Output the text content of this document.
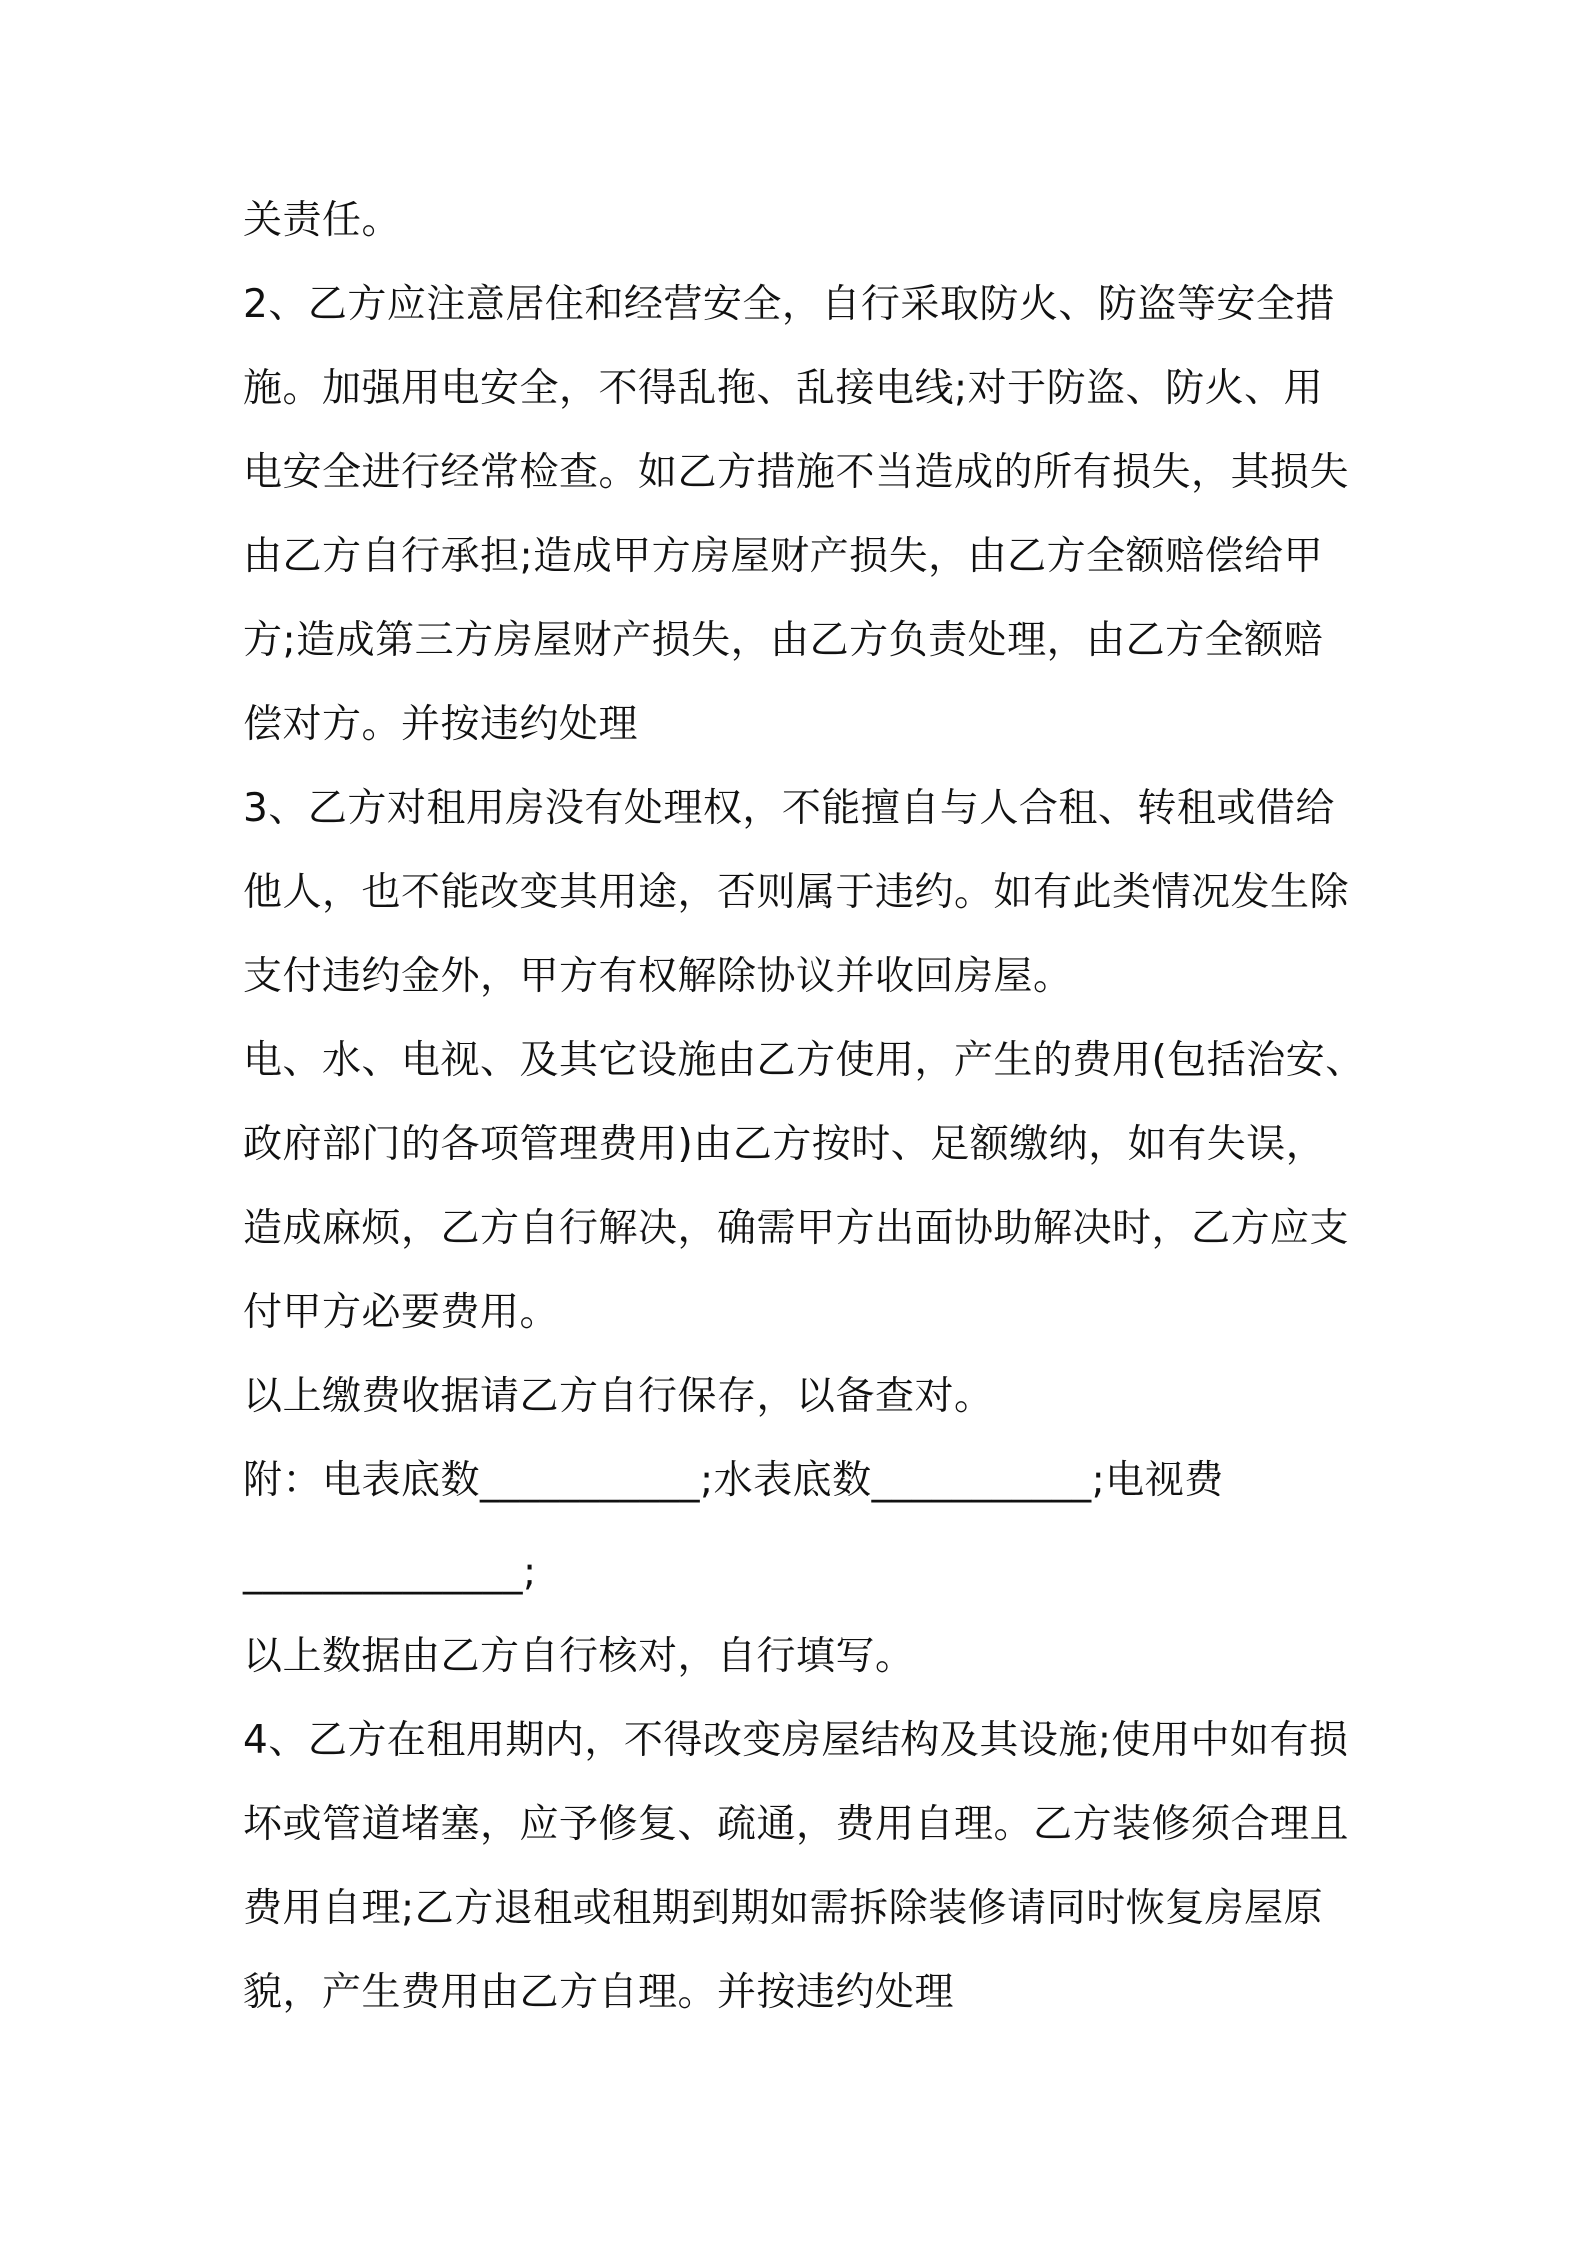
关责任。
2、乙方应注意居住和经营安全，自行采取防火、防盗等安全措
施。加强用电安全，不得乱拖、乱接电线;对于防盗、防火、用
电安全进行经常检查。如乙方措施不当造成的所有损失，其损失
由乙方自行承担;造成甲方房屋财产损失，由乙方全额赔偿给甲
方;造成第三方房屋财产损失，由乙方负责处理，由乙方全额赔
偿对方。并按违约处理
3、乙方对租用房没有处理权，不能擅自与人合租、转租或借给
他人，也不能改变其用途，否则属于违约。如有此类情况发生除
支付违约金外，甲方有权解除协议并收回房屋。
电、水、电视、及其它设施由乙方使用，产生的费用(包括治安、
政府部门的各项管理费用)由乙方按时、足额缴纳，如有失误，
造成麻烦，乙方自行解决，确需甲方出面协助解决时，乙方应支
付甲方必要费用。
以上缴费收据请乙方自行保存，以备查对。
附：电表底数___________;水表底数___________;电视费
______________;
以上数据由乙方自行核对，自行填写。
4、乙方在租用期内，不得改变房屋结构及其设施;使用中如有损
坏或管道堵塞，应予修复、疏通，费用自理。乙方装修须合理且
费用自理;乙方退租或租期到期如需拆除装修请同时恢复房屋原
貌，产生费用由乙方自理。并按违约处理
